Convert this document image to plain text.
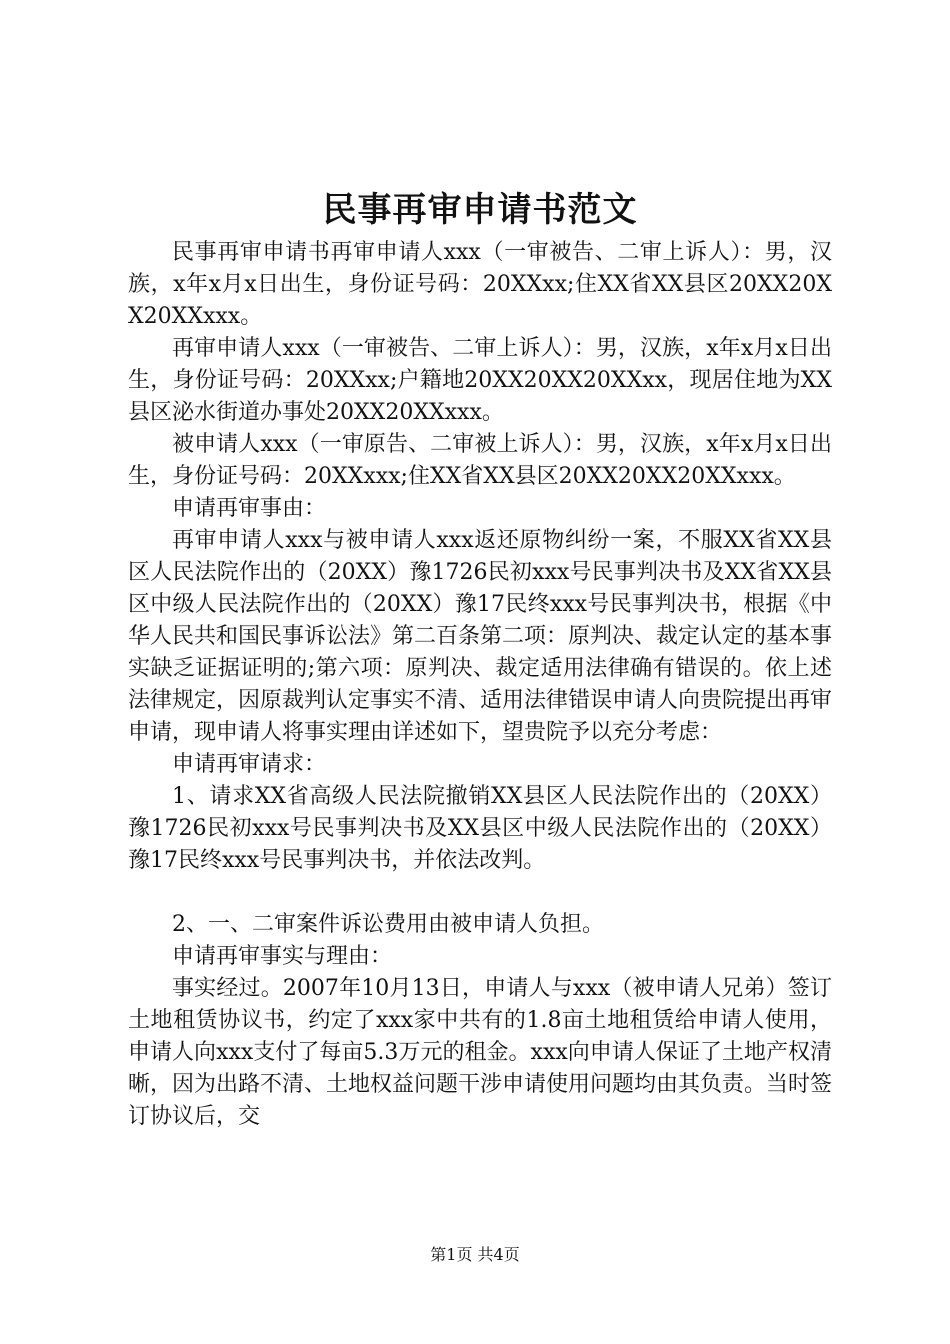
民事再审申请书范文

民事再审申请书再审申请人xxx（一审被告、二审上诉人）：男，汉族，x年x月x日出生，身份证号码：20XXxx;住XX省XX县区20XX20XX20XXxxx。

再审申请人xxx（一审被告、二审上诉人）：男，汉族，x年x月x日出生，身份证号码：20XXxx;户籍地20XX20XX20XXxx，现居住地为XX县区泌水街道办事处20XX20XXxxx。

被申请人xxx（一审原告、二审被上诉人）：男，汉族，x年x月x日出生，身份证号码：20XXxxx;住XX省XX县区20XX20XX20XXxxx。

申请再审事由：

再审申请人xxx与被申请人xxx返还原物纠纷一案，不服XX省XX县区人民法院作出的（20XX）豫1726民初xxx号民事判决书及XX省XX县区中级人民法院作出的（20XX）豫17民终xxx号民事判决书，根据《中华人民共和国民事诉讼法》第二百条第二项：原判决、裁定认定的基本事实缺乏证据证明的;第六项：原判决、裁定适用法律确有错误的。依上述法律规定，因原裁判认定事实不清、适用法律错误申请人向贵院提出再审申请，现申请人将事实理由详述如下，望贵院予以充分考虑：

申请再审请求：

1、请求XX省高级人民法院撤销XX县区人民法院作出的（20XX）豫1726民初xxx号民事判决书及XX县区中级人民法院作出的（20XX）豫17民终xxx号民事判决书，并依法改判。

2、一、二审案件诉讼费用由被申请人负担。

申请再审事实与理由：

事实经过。2007年10月13日，申请人与xxx（被申请人兄弟）签订土地租赁协议书，约定了xxx家中共有的1.8亩土地租赁给申请人使用，申请人向xxx支付了每亩5.3万元的租金。xxx向申请人保证了土地产权清晰，因为出路不清、土地权益问题干涉申请使用问题均由其负责。当时签订协议后，交

第1页 共4页
